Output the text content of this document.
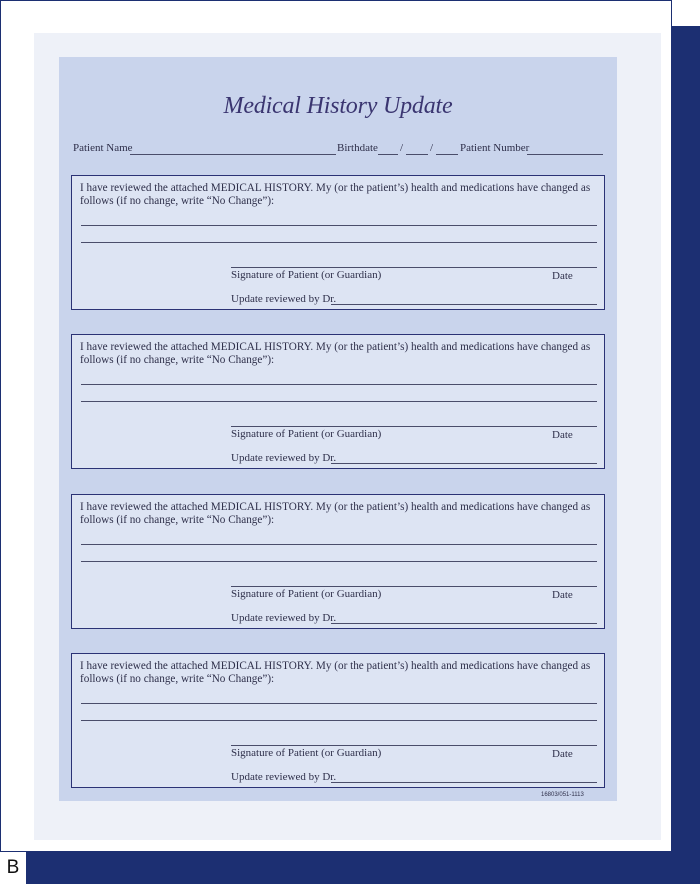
B
Medical History Update
Patient Name	Birthdate / / Patient Number
I have reviewed the attached MEDICAL HISTORY. My (or the patient’s) health and medications have changed as follows (if no change, write “No Change”):
Signature of Patient (or Guardian)	Date
Update reviewed by Dr.
I have reviewed the attached MEDICAL HISTORY. My (or the patient’s) health and medications have changed as follows (if no change, write “No Change”):
Signature of Patient (or Guardian)	Date
Update reviewed by Dr.
I have reviewed the attached MEDICAL HISTORY. My (or the patient’s) health and medications have changed as follows (if no change, write “No Change”):
Signature of Patient (or Guardian)	Date
Update reviewed by Dr.
I have reviewed the attached MEDICAL HISTORY. My (or the patient’s) health and medications have changed as follows (if no change, write “No Change”):
Signature of Patient (or Guardian)	Date
Update reviewed by Dr.
16803/051-1113
